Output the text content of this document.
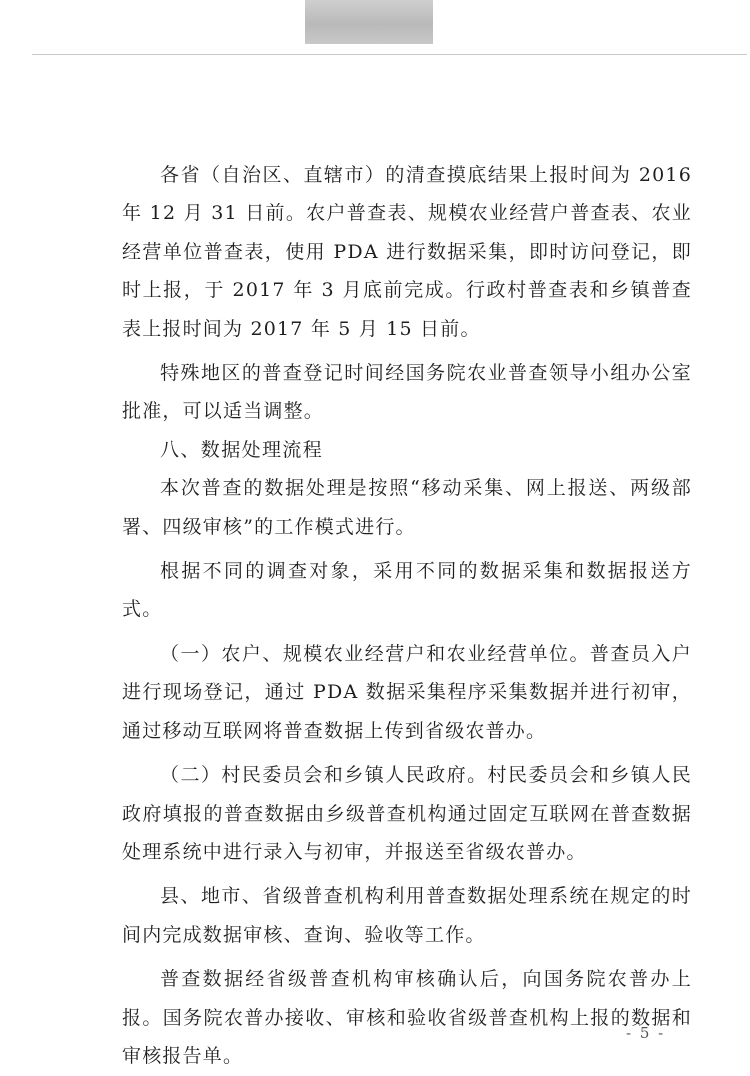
各省（自治区、直辖市）的清查摸底结果上报时间为 2016 年 12 月 31 日前。农户普查表、规模农业经营户普查表、农业经营单位普查表，使用 PDA 进行数据采集，即时访问登记，即时上报，于 2017 年 3 月底前完成。行政村普查表和乡镇普查表上报时间为 2017 年 5 月 15 日前。

特殊地区的普查登记时间经国务院农业普查领导小组办公室批准，可以适当调整。

八、数据处理流程

本次普查的数据处理是按照“移动采集、网上报送、两级部署、四级审核”的工作模式进行。

根据不同的调查对象，采用不同的数据采集和数据报送方式。

（一）农户、规模农业经营户和农业经营单位。普查员入户进行现场登记，通过 PDA 数据采集程序采集数据并进行初审，通过移动互联网将普查数据上传到省级农普办。

（二）村民委员会和乡镇人民政府。村民委员会和乡镇人民政府填报的普查数据由乡级普查机构通过固定互联网在普查数据处理系统中进行录入与初审，并报送至省级农普办。

县、地市、省级普查机构利用普查数据处理系统在规定的时间内完成数据审核、查询、验收等工作。

普查数据经省级普查机构审核确认后，向国务院农普办上报。国务院农普办接收、审核和验收省级普查机构上报的数据和审核报告单。

- 5 -
